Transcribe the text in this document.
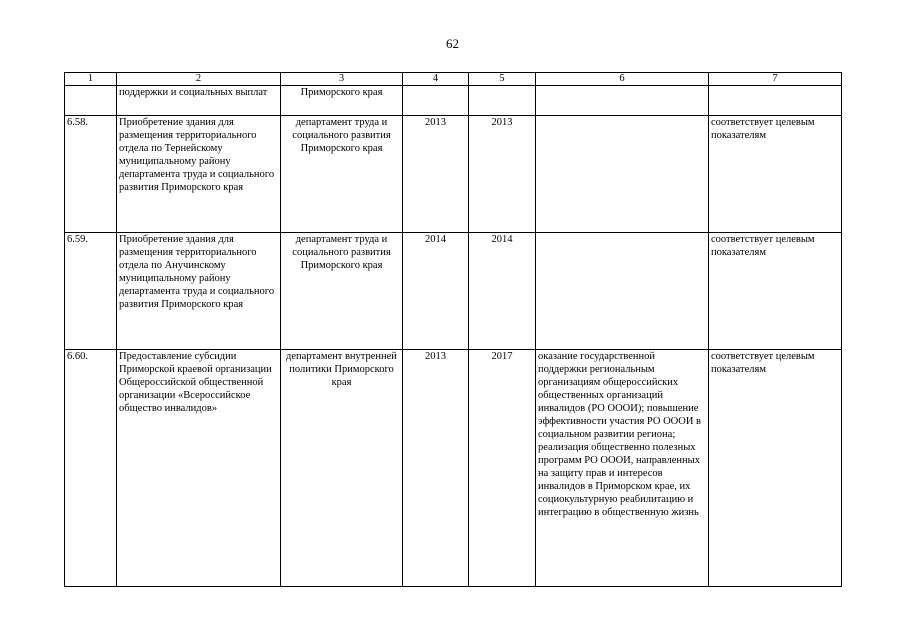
62
1	2	3	4	5	6	7
	поддержки и социальных выплат	Приморского края				
6.58.	Приобретение здания для размещения территориального отдела по Тернейскому муниципальному району департамента труда и социального развития Приморского края	департамент труда и социального развития Приморского края	2013	2013		соответствует целевым показателям
6.59.	Приобретение здания для размещения территориального отдела по Анучинскому муниципальному району департамента труда и социального развития Приморского края	департамент труда и социального развития Приморского края	2014	2014		соответствует целевым показателям
6.60.	Предоставление субсидии Приморской краевой организации Общероссийской общественной организации «Всероссийское общество инвалидов»	департамент внутренней политики Приморского края	2013	2017	оказание государственной поддержки региональным организациям общероссийских общественных организаций инвалидов (РО ОООИ); повышение эффективности участия РО ОООИ в социальном развитии региона; реализация общественно полезных программ РО ОООИ, направленных на защиту прав и интересов инвалидов в Приморском крае, их социокультурную реабилитацию и интеграцию в общественную жизнь	соответствует целевым показателям
